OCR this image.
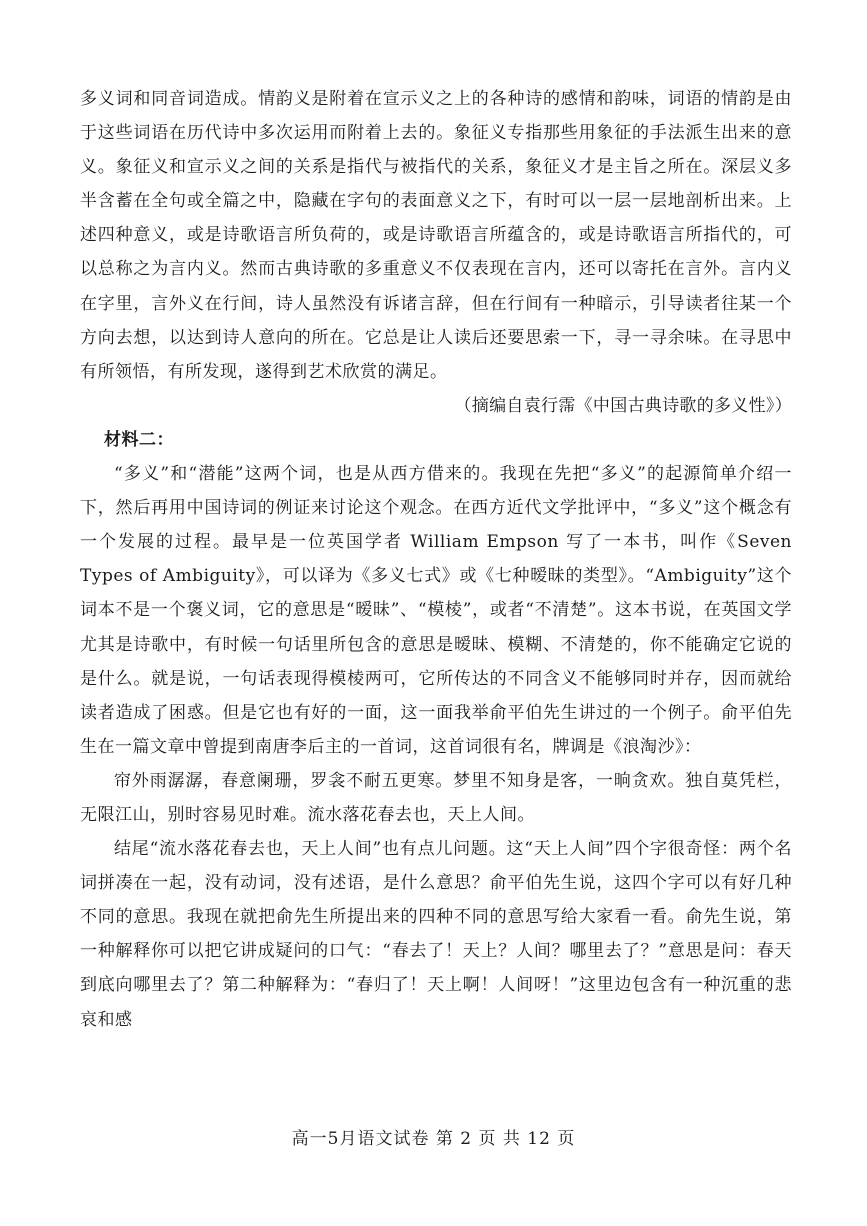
多义词和同音词造成。情韵义是附着在宣示义之上的各种诗的感情和韵味，词语的情韵是由于这些词语在历代诗中多次运用而附着上去的。象征义专指那些用象征的手法派生出来的意义。象征义和宣示义之间的关系是指代与被指代的关系，象征义才是主旨之所在。深层义多半含蓄在全句或全篇之中，隐藏在字句的表面意义之下，有时可以一层一层地剖析出来。上述四种意义，或是诗歌语言所负荷的，或是诗歌语言所蕴含的，或是诗歌语言所指代的，可以总称之为言内义。然而古典诗歌的多重意义不仅表现在言内，还可以寄托在言外。言内义在字里，言外义在行间，诗人虽然没有诉诸言辞，但在行间有一种暗示，引导读者往某一个方向去想，以达到诗人意向的所在。它总是让人读后还要思索一下，寻一寻余味。在寻思中有所领悟，有所发现，遂得到艺术欣赏的满足。

（摘编自袁行霈《中国古典诗歌的多义性》）

材料二：

“多义”和“潜能”这两个词，也是从西方借来的。我现在先把“多义”的起源简单介绍一下，然后再用中国诗词的例证来讨论这个观念。在西方近代文学批评中，“多义”这个概念有一个发展的过程。最早是一位英国学者 William Empson 写了一本书，叫作《Seven Types of Ambiguity》，可以译为《多义七式》或《七种暧昧的类型》。“Ambiguity”这个词本不是一个褒义词，它的意思是“暧昧”、“模棱”，或者“不清楚”。这本书说，在英国文学尤其是诗歌中，有时候一句话里所包含的意思是暧昧、模糊、不清楚的，你不能确定它说的是什么。就是说，一句话表现得模棱两可，它所传达的不同含义不能够同时并存，因而就给读者造成了困惑。但是它也有好的一面，这一面我举俞平伯先生讲过的一个例子。俞平伯先生在一篇文章中曾提到南唐李后主的一首词，这首词很有名，牌调是《浪淘沙》：

帘外雨潺潺，春意阑珊，罗衾不耐五更寒。梦里不知身是客，一晌贪欢。独自莫凭栏，无限江山，别时容易见时难。流水落花春去也，天上人间。

结尾“流水落花春去也，天上人间”也有点儿问题。这“天上人间”四个字很奇怪：两个名词拼凑在一起，没有动词，没有述语，是什么意思？俞平伯先生说，这四个字可以有好几种不同的意思。我现在就把俞先生所提出来的四种不同的意思写给大家看一看。俞先生说，第一种解释你可以把它讲成疑问的口气：“春去了！天上？人间？哪里去了？”意思是问：春天到底向哪里去了？第二种解释为：“春归了！天上啊！人间呀！”这里边包含有一种沉重的悲哀和感

高一5月语文试卷 第 2 页 共 12 页
